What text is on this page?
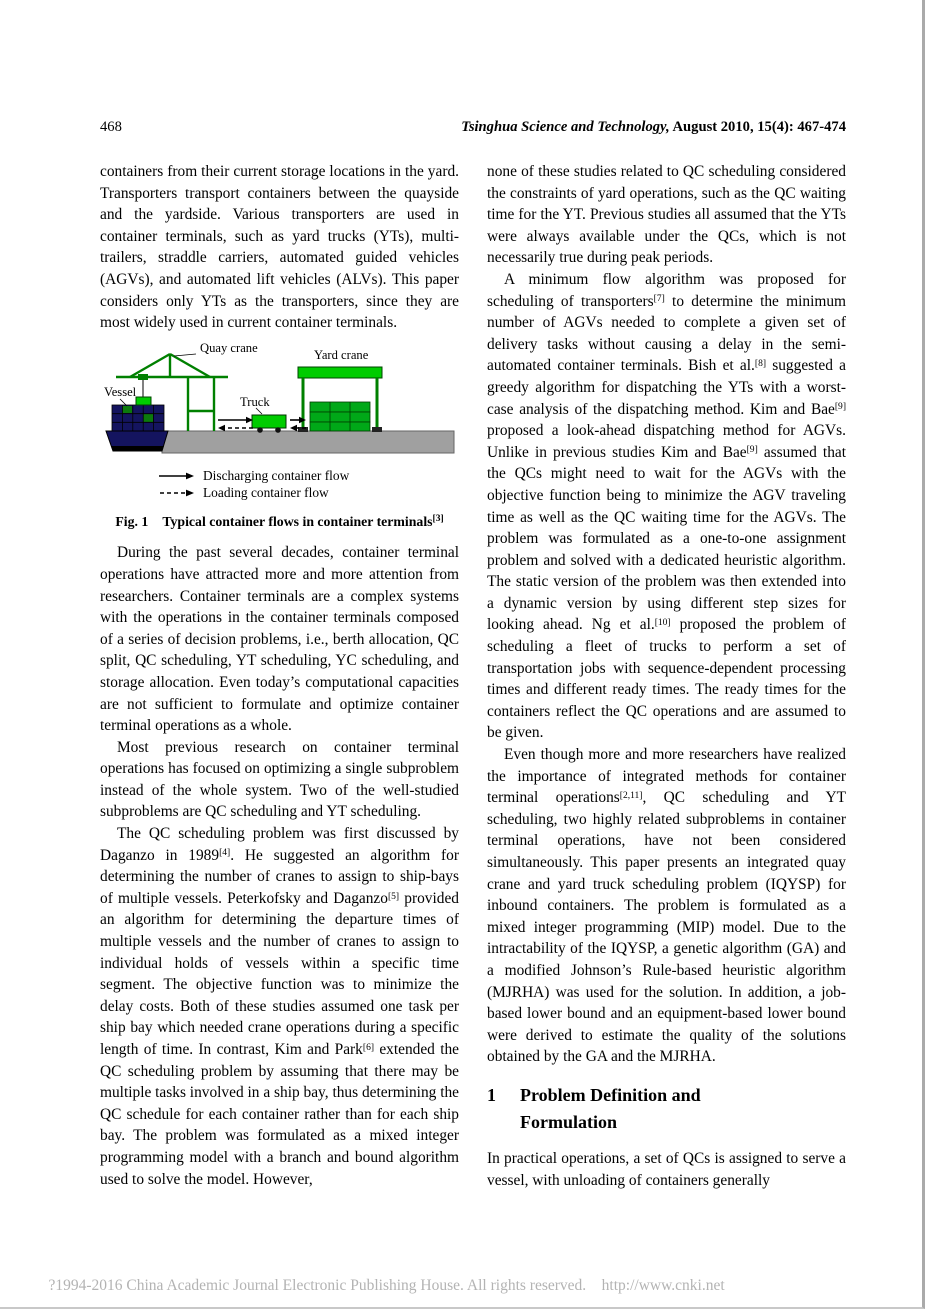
468	Tsinghua Science and Technology, August 2010, 15(4): 467-474

containers from their current storage locations in the yard. Transporters transport containers between the quayside and the yardside. Various transporters are used in container terminals, such as yard trucks (YTs), multi-trailers, straddle carriers, automated guided vehicles (AGVs), and automated lift vehicles (ALVs). This paper considers only YTs as the transporters, since they are most widely used in current container terminals.

Quay crane	Yard crane
Vessel
Truck
Discharging container flow
Loading container flow
Fig. 1 Typical container flows in container terminals[3]

During the past several decades, container terminal operations have attracted more and more attention from researchers. Container terminals are a complex systems with the operations in the container terminals composed of a series of decision problems, i.e., berth allocation, QC split, QC scheduling, YT scheduling, YC scheduling, and storage allocation. Even today’s computational capacities are not sufficient to formulate and optimize container terminal operations as a whole.

Most previous research on container terminal operations has focused on optimizing a single subproblem instead of the whole system. Two of the well-studied subproblems are QC scheduling and YT scheduling.

The QC scheduling problem was first discussed by Daganzo in 1989[4]. He suggested an algorithm for determining the number of cranes to assign to ship-bays of multiple vessels. Peterkofsky and Daganzo[5] provided an algorithm for determining the departure times of multiple vessels and the number of cranes to assign to individual holds of vessels within a specific time segment. The objective function was to minimize the delay costs. Both of these studies assumed one task per ship bay which needed crane operations during a specific length of time. In contrast, Kim and Park[6] extended the QC scheduling problem by assuming that there may be multiple tasks involved in a ship bay, thus determining the QC schedule for each container rather than for each ship bay. The problem was formulated as a mixed integer programming model with a branch and bound algorithm used to solve the model. However,

none of these studies related to QC scheduling considered the constraints of yard operations, such as the QC waiting time for the YT. Previous studies all assumed that the YTs were always available under the QCs, which is not necessarily true during peak periods.

A minimum flow algorithm was proposed for scheduling of transporters[7] to determine the minimum number of AGVs needed to complete a given set of delivery tasks without causing a delay in the semi-automated container terminals. Bish et al.[8] suggested a greedy algorithm for dispatching the YTs with a worst-case analysis of the dispatching method. Kim and Bae[9] proposed a look-ahead dispatching method for AGVs. Unlike in previous studies Kim and Bae[9] assumed that the QCs might need to wait for the AGVs with the objective function being to minimize the AGV traveling time as well as the QC waiting time for the AGVs. The problem was formulated as a one-to-one assignment problem and solved with a dedicated heuristic algorithm. The static version of the problem was then extended into a dynamic version by using different step sizes for looking ahead. Ng et al.[10] proposed the problem of scheduling a fleet of trucks to perform a set of transportation jobs with sequence-dependent processing times and different ready times. The ready times for the containers reflect the QC operations and are assumed to be given.

Even though more and more researchers have realized the importance of integrated methods for container terminal operations[2,11], QC scheduling and YT scheduling, two highly related subproblems in container terminal operations, have not been considered simultaneously. This paper presents an integrated quay crane and yard truck scheduling problem (IQYSP) for inbound containers. The problem is formulated as a mixed integer programming (MIP) model. Due to the intractability of the IQYSP, a genetic algorithm (GA) and a modified Johnson’s Rule-based heuristic algorithm (MJRHA) was used for the solution. In addition, a job-based lower bound and an equipment-based lower bound were derived to estimate the quality of the solutions obtained by the GA and the MJRHA.

1	Problem Definition and Formulation

In practical operations, a set of QCs is assigned to serve a vessel, with unloading of containers generally

?1994-2016 China Academic Journal Electronic Publishing House. All rights reserved.    http://www.cnki.net
